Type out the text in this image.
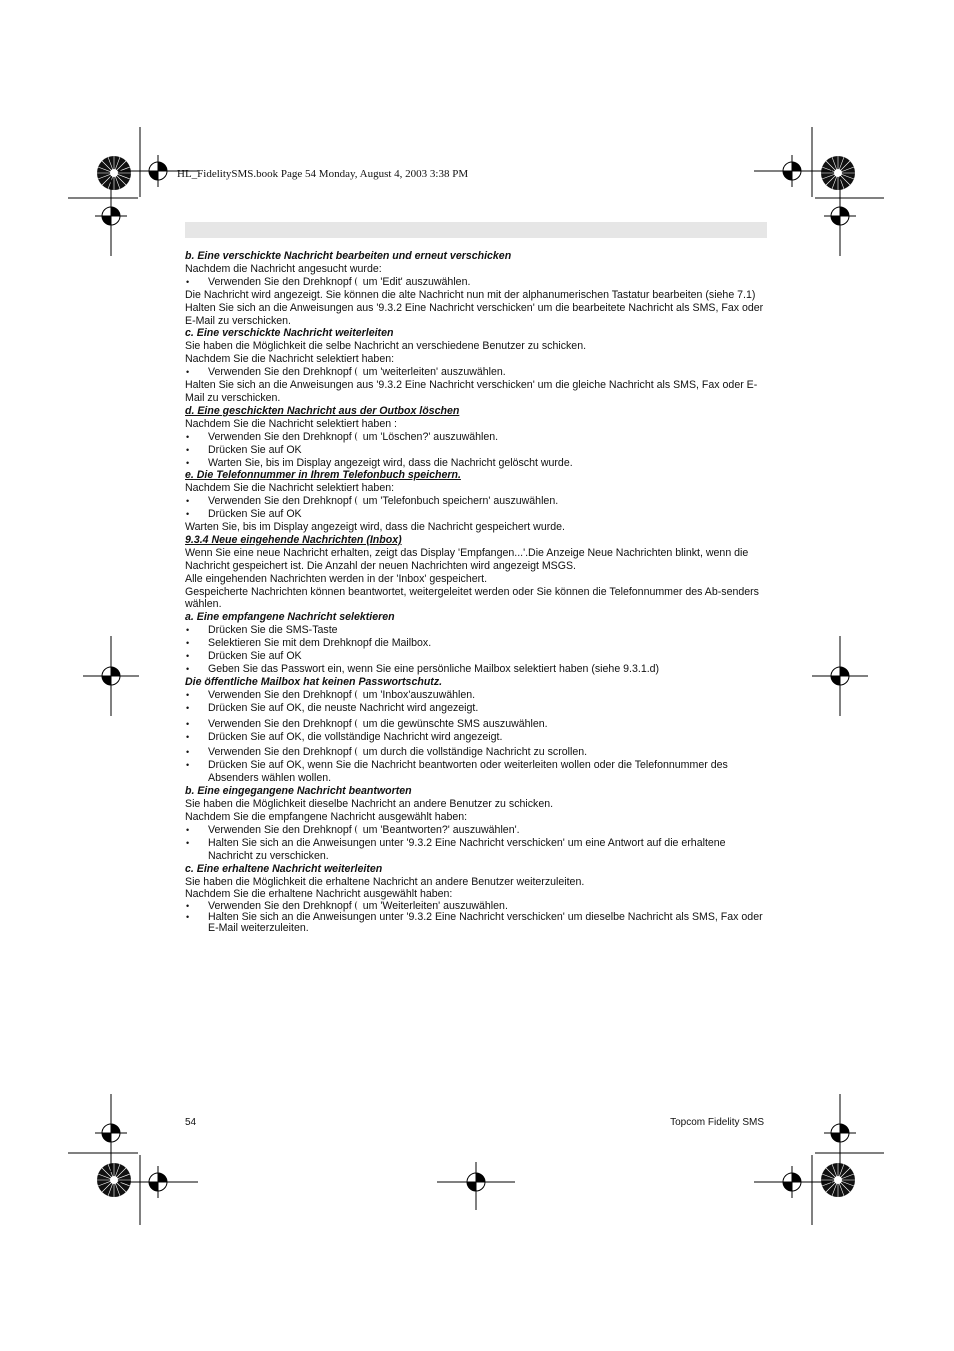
HL_FidelitySMS.book Page 54 Monday, August 4, 2003 3:38 PM

b. Eine verschickte Nachricht bearbeiten und erneut verschicken

Nachdem die Nachricht angesucht wurde:

• Verwenden Sie den Drehknopf um 'Edit' auszuwählen.

Die Nachricht wird angezeigt. Sie können die alte Nachricht nun mit der alphanumerischen Tastatur bearbeiten (siehe 7.1)

Halten Sie sich an die Anweisungen aus '9.3.2 Eine Nachricht verschicken' um die bearbeitete Nachricht als SMS, Fax oder E-Mail zu verschicken.

c. Eine verschickte Nachricht weiterleiten

Sie haben die Möglichkeit die selbe Nachricht an verschiedene Benutzer zu schicken.

Nachdem Sie die Nachricht selektiert haben:

• Verwenden Sie den Drehknopf um 'weiterleiten' auszuwählen.

Halten Sie sich an die Anweisungen aus '9.3.2 Eine Nachricht verschicken' um die gleiche Nachricht als SMS, Fax oder E-Mail zu verschicken.

d. Eine geschickten Nachricht aus der Outbox löschen

Nachdem Sie die Nachricht selektiert haben :

• Verwenden Sie den Drehknopf um 'Löschen?' auszuwählen.
• Drücken Sie auf OK
• Warten Sie, bis im Display angezeigt wird, dass die Nachricht gelöscht wurde.

e. Die Telefonnummer in Ihrem Telefonbuch speichern.

Nachdem Sie die Nachricht selektiert haben:

• Verwenden Sie den Drehknopf um 'Telefonbuch speichern' auszuwählen.
• Drücken Sie auf OK

Warten Sie, bis im Display angezeigt wird, dass die Nachricht gespeichert wurde.

9.3.4 Neue eingehende Nachrichten (Inbox)

Wenn Sie eine neue Nachricht erhalten, zeigt das Display 'Empfangen...'.Die Anzeige Neue Nachrichten blinkt, wenn die Nachricht gespeichert ist. Die Anzahl der neuen Nachrichten wird angezeigt MSGS.

Alle eingehenden Nachrichten werden in der 'Inbox' gespeichert.

Gespeicherte Nachrichten können beantwortet, weitergeleitet werden oder Sie können die Telefonnummer des Ab-senders wählen.

a. Eine empfangene Nachricht selektieren

• Drücken Sie die SMS-Taste
• Selektieren Sie mit dem Drehknopf die Mailbox.
• Drücken Sie auf OK
• Geben Sie das Passwort ein, wenn Sie eine persönliche Mailbox selektiert haben (siehe 9.3.1.d)

Die öffentliche Mailbox hat keinen Passwortschutz.

• Verwenden Sie den Drehknopf um 'Inbox'auszuwählen.
• Drücken Sie auf OK, die neuste Nachricht wird angezeigt.
• Verwenden Sie den Drehknopf um die gewünschte SMS auszuwählen.
• Drücken Sie auf OK, die vollständige Nachricht wird angezeigt.
• Verwenden Sie den Drehknopf um durch die vollständige Nachricht zu scrollen.
• Drücken Sie auf OK, wenn Sie die Nachricht beantworten oder weiterleiten wollen oder die Telefonnummer des Absenders wählen wollen.

b. Eine eingegangene Nachricht beantworten

Sie haben die Möglichkeit dieselbe Nachricht an andere Benutzer zu schicken.

Nachdem Sie die empfangene Nachricht ausgewählt haben:

• Verwenden Sie den Drehknopf um 'Beantworten?' auszuwählen'.
• Halten Sie sich an die Anweisungen unter '9.3.2 Eine Nachricht verschicken' um eine Antwort auf die erhaltene Nachricht zu verschicken.

c. Eine erhaltene Nachricht weiterleiten

Sie haben die Möglichkeit die erhaltene Nachricht an andere Benutzer weiterzuleiten.

Nachdem Sie die erhaltene Nachricht ausgewählt haben:

• Verwenden Sie den Drehknopf um 'Weiterleiten' auszuwählen.
• Halten Sie sich an die Anweisungen unter '9.3.2 Eine Nachricht verschicken' um dieselbe Nachricht als SMS, Fax oder E-Mail weiterzuleiten.
54	Topcom Fidelity SMS
